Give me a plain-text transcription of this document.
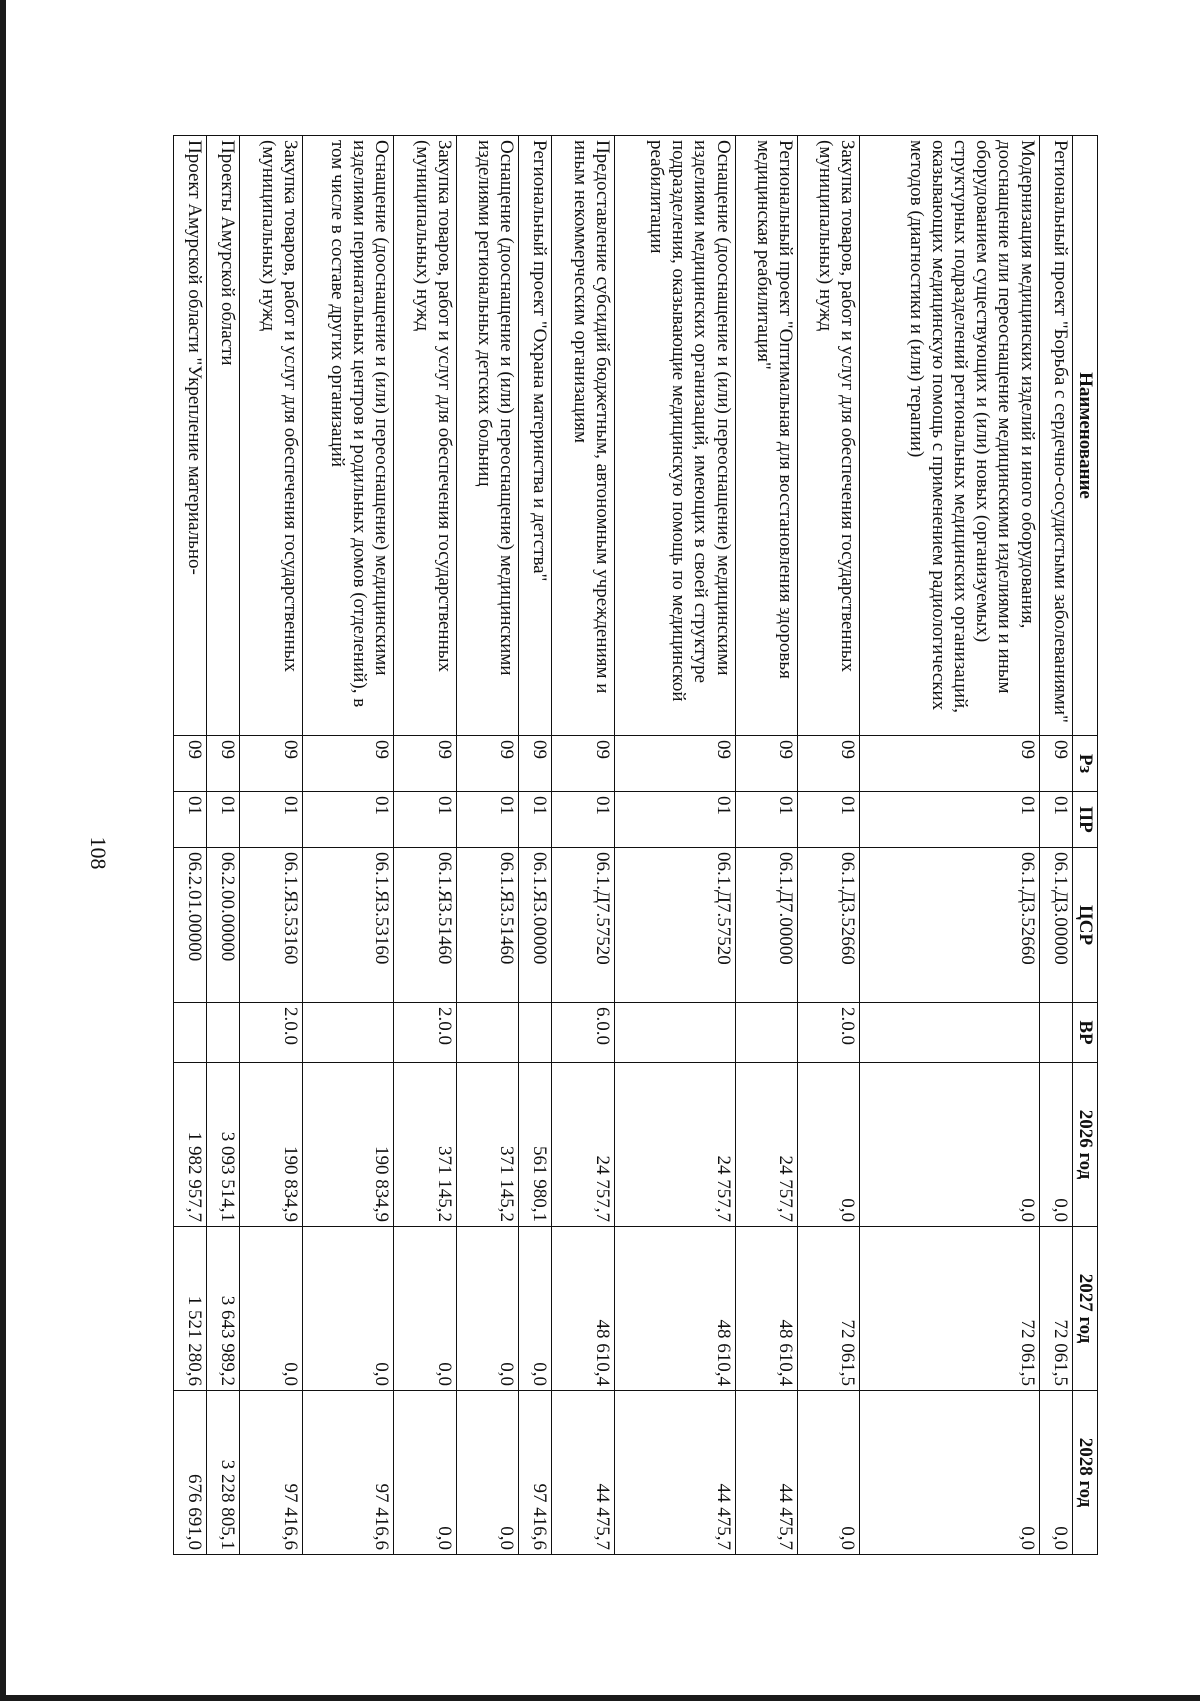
108
Наименование	Рз	ПР	ЦСР	ВР	2026 год	2027 год	2028 год
Региональный проект "Борьба с сердечно-сосудистыми заболеваниями"	09	01	06.1.Д3.00000		0,0	72 061,5	0,0
Модернизация медицинских изделий и иного оборудования, дооснащение или переоснащение медицинскими изделиями и иным оборудованием существующих и (или) новых (организуемых) структурных подразделений региональных медицинских организаций, оказывающих медицинскую помощь с применением радиологических методов (диагностики и (или) терапии)	09	01	06.1.Д3.52660		0,0	72 061,5	0,0
Закупка товаров, работ и услуг для обеспечения государственных (муниципальных) нужд	09	01	06.1.Д3.52660	2.0.0	0,0	72 061,5	0,0
Региональный проект "Оптимальная для восстановления здоровья медицинская реабилитация"	09	01	06.1.Д7.00000		24 757,7	48 610,4	44 475,7
Оснащение (дооснащение и (или) переоснащение) медицинскими изделиями медицинских организаций, имеющих в своей структуре подразделения, оказывающие медицинскую помощь по медицинской реабилитации	09	01	06.1.Д7.57520		24 757,7	48 610,4	44 475,7
Предоставление субсидий бюджетным, автономным учреждениям и иным некоммерческим организациям	09	01	06.1.Д7.57520	6.0.0	24 757,7	48 610,4	44 475,7
Региональный проект "Охрана материнства и детства"	09	01	06.1.Я3.00000		561 980,1	0,0	97 416,6
Оснащение (дооснащение и (или) переоснащение) медицинскими изделиями региональных детских больниц	09	01	06.1.Я3.51460		371 145,2	0,0	0,0
Закупка товаров, работ и услуг для обеспечения государственных (муниципальных) нужд	09	01	06.1.Я3.51460	2.0.0	371 145,2	0,0	0,0
Оснащение (дооснащение и (или) переоснащение) медицинскими изделиями перинатальных центров и родильных домов (отделений), в том числе в составе других организаций	09	01	06.1.Я3.53160		190 834,9	0,0	97 416,6
Закупка товаров, работ и услуг для обеспечения государственных (муниципальных) нужд	09	01	06.1.Я3.53160	2.0.0	190 834,9	0,0	97 416,6
Проекты Амурской области	09	01	06.2.00.00000		3 093 514,1	3 643 989,2	3 228 805,1
Проект Амурской области "Укрепление материально-	09	01	06.2.01.00000		1 982 957,7	1 521 280,6	676 691,0
